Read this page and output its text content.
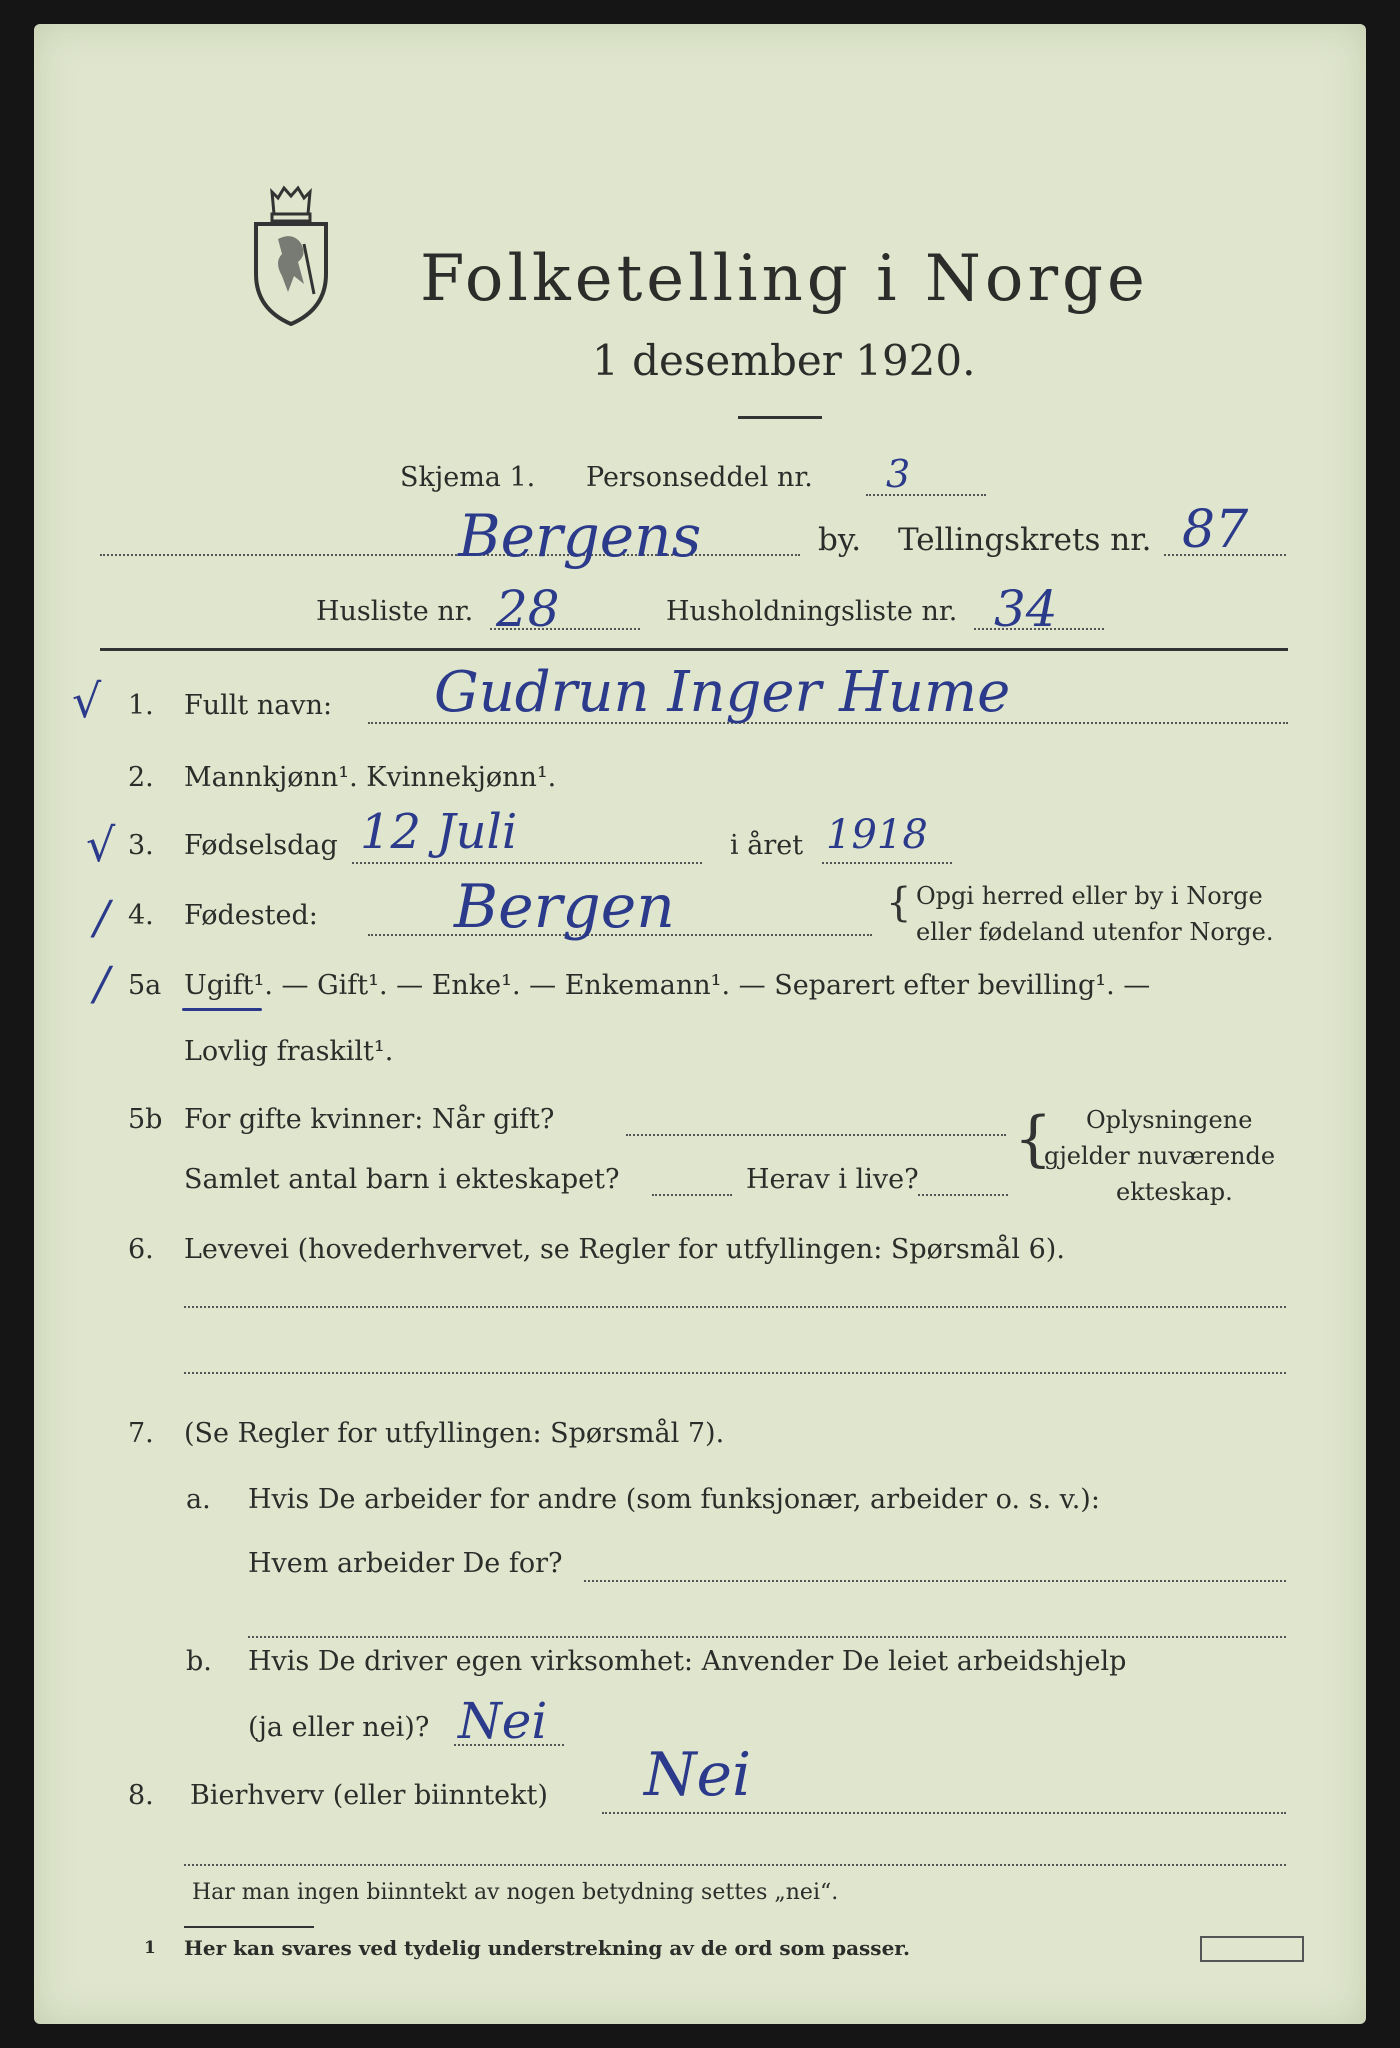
Folketelling i Norge
1 desember 1920.
Skjema 1. Personseddel nr. 3
Bergens	by. Tellingskrets nr. 87
Husliste nr. 28	Husholdningsliste nr. 34
√ 1. Fullt navn: Gudrun Inger Hume
2. Mannkjønn¹. Kvinnekjønn¹.
√ 3. Fødselsdag 12 Juli	i året 1918
/ 4. Fødested: Bergen	{ Opgi herred eller by i Norge
eller fødeland utenfor Norge.
/ 5a Ugift¹. — Gift¹. — Enke¹. — Enkemann¹. — Separert efter bevilling¹. —
Lovlig fraskilt¹.
5b For gifte kvinner: Når gift?
Samlet antal barn i ekteskapet?	Herav i live?
{ Oplysningene
gjelder nuværende
ekteskap.
6. Levevei (hovederhvervet, se Regler for utfyllingen: Spørsmål 6).
7. (Se Regler for utfyllingen: Spørsmål 7).
a. Hvis De arbeider for andre (som funksjonær, arbeider o. s. v.):
Hvem arbeider De for?
b. Hvis De driver egen virksomhet: Anvender De leiet arbeidshjelp
(ja eller nei)? Nei
8. Bierhverv (eller biinntekt) Nei
Har man ingen biinntekt av nogen betydning settes „nei“.
1 Her kan svares ved tydelig understrekning av de ord som passer.
